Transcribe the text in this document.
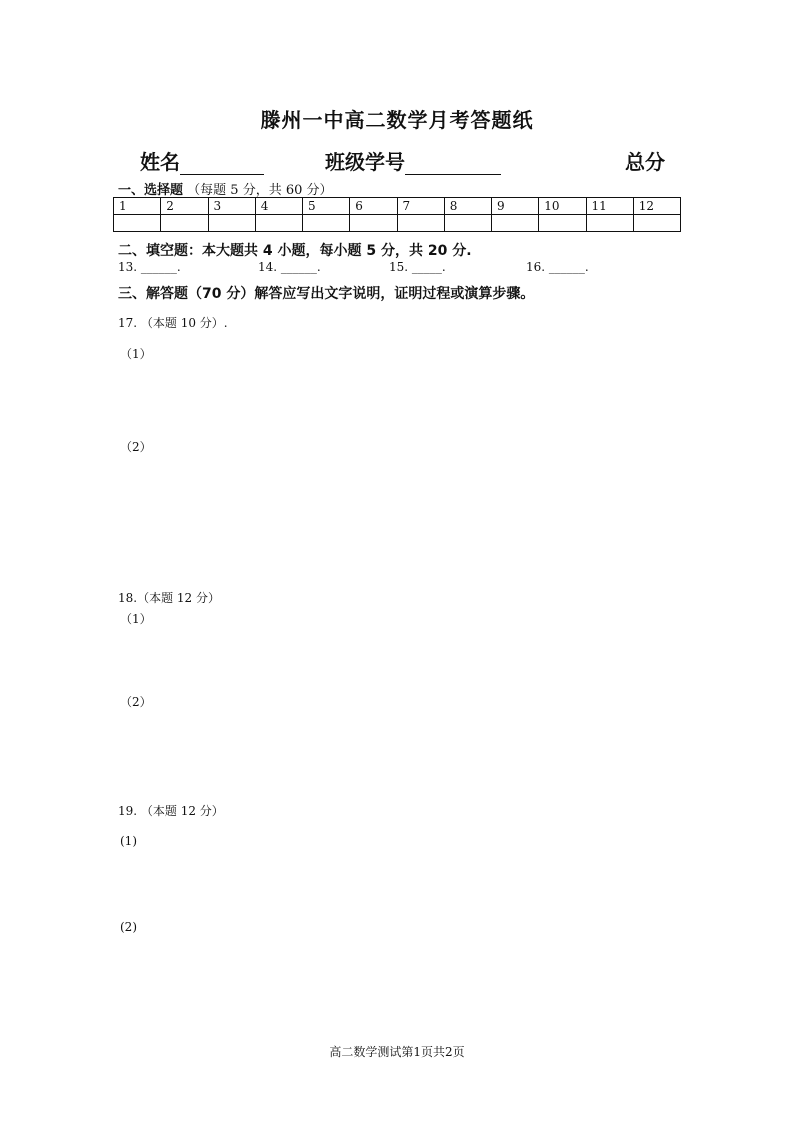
滕州一中高二数学月考答题纸
姓名	班级学号	总分
一、选择题 （每题 5 分，共 60 分）
1	2	3	4	5	6	7	8	9	10	11	12

二、填空题：本大题共 4 小题，每小题 5 分，共 20 分.
13. ______.	14. ______.	15. _____.	16. ______.
三、解答题（70 分）解答应写出文字说明，证明过程或演算步骤。
17. （本题 10 分）.
（1）
（2）
18.（本题 12 分）
（1）
（2）
19. （本题 12 分）
(1)
(2)
高二数学测试第1页共2页
